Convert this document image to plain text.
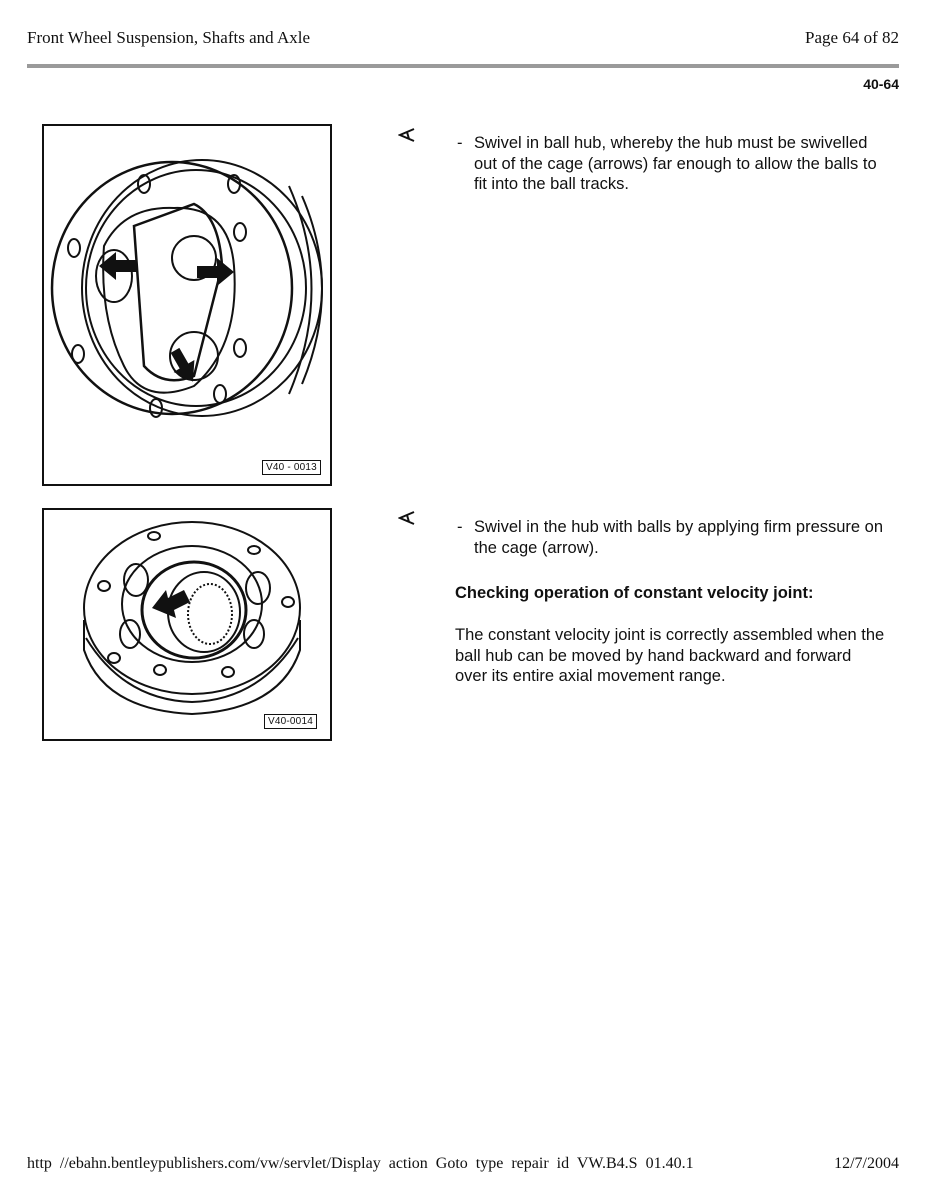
Front Wheel Suspension, Shafts and Axle	Page 64 of 82
40-64
V40 - 0013
- Swivel in ball hub, whereby the hub must be swivelled out of the cage (arrows) far enough to allow the balls to fit into the ball tracks.
V40-0014
- Swivel in the hub with balls by applying firm pressure on the cage (arrow).
Checking operation of constant velocity joint:
The constant velocity joint is correctly assembled when the ball hub can be moved by hand backward and forward over its entire axial movement range.
http //ebahn.bentleypublishers.com/vw/servlet/Display action Goto type repair id VW.B4.S 01.40.1	12/7/2004
